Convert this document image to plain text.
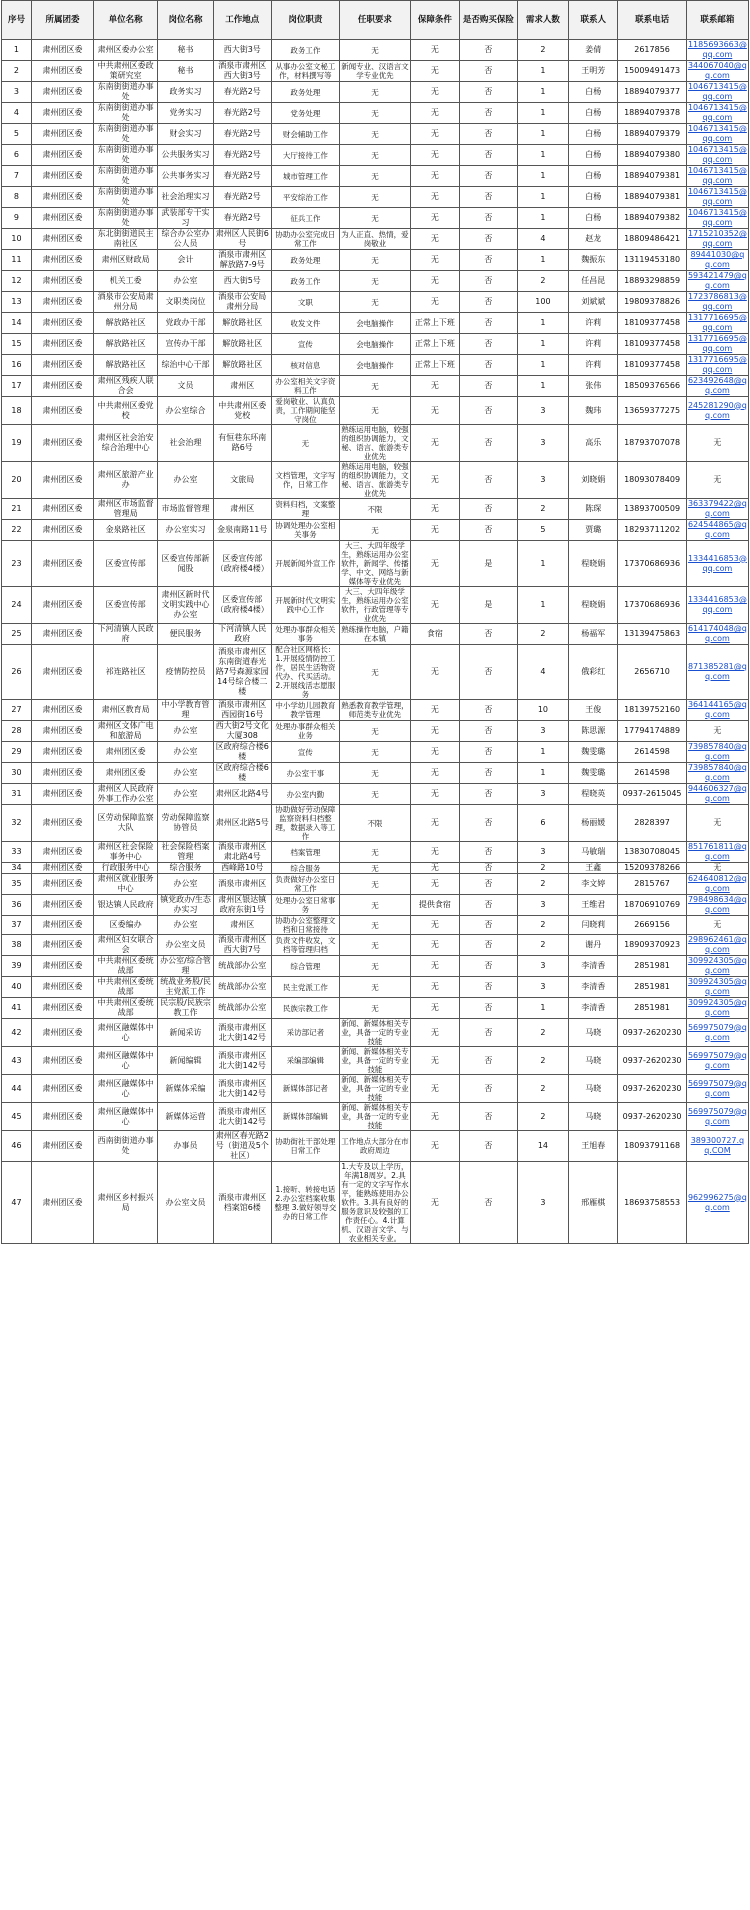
序号	所属团委	单位名称	岗位名称	工作地点	岗位职责	任职要求	保障条件	是否购买保险	需求人数	联系人	联系电话	联系邮箱
1	肃州团区委	肃州区委办公室	秘书	西大街3号	政务工作	无	无	否	2	姜倩	2617856	1185693663@qq.com
2	肃州团区委	中共肃州区委政策研究室	秘书	酒泉市肃州区西大街3号	从事办公室文秘工作，材料撰写等	新闻专业、汉语言文学专业优先	无	否	1	王明芳	15009491473	344067040@qq.com
3	肃州团区委	东南街街道办事处	政务实习	春光路2号	政务处理	无	无	否	1	白杨	18894079377	1046713415@qq.com
4	肃州团区委	东南街街道办事处	党务实习	春光路2号	党务处理	无	无	否	1	白杨	18894079378	1046713415@qq.com
5	肃州团区委	东南街街道办事处	财会实习	春光路2号	财会辅助工作	无	无	否	1	白杨	18894079379	1046713415@qq.com
6	肃州团区委	东南街街道办事处	公共服务实习	春光路2号	大厅接待工作	无	无	否	1	白杨	18894079380	1046713415@qq.com
7	肃州团区委	东南街街道办事处	公共事务实习	春光路2号	城市管理工作	无	无	否	1	白杨	18894079381	1046713415@qq.com
8	肃州团区委	东南街街道办事处	社会治理实习	春光路2号	平安综治工作	无	无	否	1	白杨	18894079381	1046713415@qq.com
9	肃州团区委	东南街街道办事处	武装部专干实习	春光路2号	征兵工作	无	无	否	1	白杨	18894079382	1046713415@qq.com
10	肃州团区委	东北街街道民主南社区	综合办公室办公人员	肃州区人民街6号	协助办公室完成日常工作	为人正直、热情，爱岗敬业	无	否	4	赵龙	18809486421	1715210352@qq.com
11	肃州团区委	肃州区财政局	会计	酒泉市肃州区解放路7-9号	政务处理	无	无	否	1	魏振东	13119453180	89441030@qq.com
12	肃州团区委	机关工委	办公室	西大街5号	政务工作	无	无	否	2	任昌昆	18893298859	593421479@qq.com
13	肃州团区委	酒泉市公安局肃州分局	文职类岗位	酒泉市公安局肃州分局	文职	无	无	否	100	刘斌斌	19809378826	1723786813@qq.com
14	肃州团区委	解放路社区	党政办干部	解放路社区	收发文件	会电脑操作	正常上下班	否	1	许莉	18109377458	1317716695@qq.com
15	肃州团区委	解放路社区	宣传办干部	解放路社区	宣传	会电脑操作	正常上下班	否	1	许莉	18109377458	1317716695@qq.com
16	肃州团区委	解放路社区	综治中心干部	解放路社区	核对信息	会电脑操作	正常上下班	否	1	许莉	18109377458	1317716695@qq.com
17	肃州团区委	肃州区残疾人联合会	文员	肃州区	办公室相关文字资料工作	无	无	否	1	张伟	18509376566	623492648@qq.com
18	肃州团区委	中共肃州区委党校	办公室综合	中共肃州区委党校	爱岗敬业、认真负责，工作期间能坚守岗位	无	无	否	3	魏玮	13659377275	245281290@qq.com
19	肃州团区委	肃州区社会治安综合治理中心	社会治理	有恒巷东环南路6号	无	熟练运用电脑，较强的组织协调能力，文秘、语言、旅游类专业优先	无	否	3	高乐	18793707078	无
20	肃州团区委	肃州区旅游产业办	办公室	文旅局	文档管理，文字写作，日常工作	熟练运用电脑，较强的组织协调能力，文秘、语言、旅游类专业优先	无	否	3	刘晓娟	18093078409	无
21	肃州团区委	肃州区市场监督管理局	市场监督管理	肃州区	资料归档，文案整理	不限	无	否	2	陈琛	13893700509	363379422@qq.com
22	肃州团区委	金泉路社区	办公室实习	金泉南路11号	协调处理办公室相关事务	无	无	否	5	贾璐	18293711202	624544865@qq.com
23	肃州团区委	区委宣传部	区委宣传部新闻股	区委宣传部（政府楼4楼）	开展新闻外宣工作	大三、大四年级学生，熟练运用办公室软件，新闻学、传播学、中文、网络与新媒体等专业优先	无	是	1	程晓娟	17370686936	1334416853@qq.com
24	肃州团区委	区委宣传部	肃州区新时代文明实践中心办公室	区委宣传部（政府楼4楼）	开展新时代文明实践中心工作	大三、大四年级学生，熟练运用办公室软件，行政管理等专业优先	无	是	1	程晓娟	17370686936	1334416853@qq.com
25	肃州团区委	下河清镇人民政府	便民服务	下河清镇人民政府	处理办事群众相关事务	熟练操作电脑，户籍在本镇	食宿	否	2	杨福军	13139475863	614174048@qq.com
26	肃州团区委	祁连路社区	疫情防控员	酒泉市肃州区东南街道春光路7号森源家园14号综合楼二楼	配合社区网格长：1.开展疫情防控工作，居民生活物资代办、代买活动。2.开展线活志愿服务	无	无	否	4	俄彩红	2656710	871385281@qq.com
27	肃州团区委	肃州区教育局	中小学教育管理	酒泉市肃州区西园街16号	中小学幼儿园教育教学管理	熟悉教育教学管理，师范类专业优先	无	否	10	王俊	18139752160	364144165@qq.com
28	肃州团区委	肃州区文体广电和旅游局	办公室	西大街2号文化大厦308	处理办事群众相关业务	无	无	否	3	陈思源	17794174889	无
29	肃州团区委	肃州团区委	办公室	区政府综合楼6楼	宣传	无	无	否	1	魏雯璐	2614598	739857840@qq.com
30	肃州团区委	肃州团区委	办公室	区政府综合楼6楼	办公室干事	无	无	否	1	魏雯璐	2614598	739857840@qq.com
31	肃州团区委	肃州区人民政府外事工作办公室	办公室	肃州区北路4号	办公室内勤	无	无	否	3	程晓英	0937-2615045	944606327@qq.com
32	肃州团区委	区劳动保障监察大队	劳动保障监察协管员	肃州区北路5号	协助做好劳动保障监察资料归档整理，数据录入等工作	不限	无	否	6	杨丽媛	2828397	无
33	肃州团区委	肃州区社会保险事务中心	社会保险档案管理	酒泉市肃州区肃北路4号	档案管理	无	无	否	3	马敏瑞	13830708045	851761811@qq.com
34	肃州团区委	行政服务中心	综合服务	西峰路10号	综合服务	无	无	否	2	王鑫	15209378266	无
35	肃州团区委	肃州区就业服务中心	办公室	酒泉市肃州区	负责做好办公室日常工作	无	无	否	2	李文婷	2815767	624640812@qq.com
36	肃州团区委	银达镇人民政府	镇党政办/生态办实习	肃州区银达镇政府东街1号	处理办公室日常事务	无	提供食宿	否	3	王维君	18706910769	798498634@qq.com
37	肃州团区委	区委编办	办公室	肃州区	协助办公室整理文档和日常接待	无	无	否	2	闫晓莉	2669156	无
38	肃州团区委	肃州区妇女联合会	办公室文员	酒泉市肃州区西大街7号	负责文件收发，文档等管理归档	无	无	否	2	谢丹	18909370923	298962461@qq.com
39	肃州团区委	中共肃州区委统战部	办公室/综合管理	统战部办公室	综合管理	无	无	否	3	李清香	2851981	309924305@qq.com
40	肃州团区委	中共肃州区委统战部	统战业务股/民主党派工作	统战部办公室	民主党派工作	无	无	否	3	李清香	2851981	309924305@qq.com
41	肃州团区委	中共肃州区委统战部	民宗股/民族宗教工作	统战部办公室	民族宗教工作	无	无	否	1	李清香	2851981	309924305@qq.com
42	肃州团区委	肃州区融媒体中心	新闻采访	酒泉市肃州区北大街142号	采访部记者	新闻、新媒体相关专业，具备一定的专业技能	无	否	2	马晓	0937-2620230	569975079@qq.com
43	肃州团区委	肃州区融媒体中心	新闻编辑	酒泉市肃州区北大街142号	采编部编辑	新闻、新媒体相关专业，具备一定的专业技能	无	否	2	马晓	0937-2620230	569975079@qq.com
44	肃州团区委	肃州区融媒体中心	新媒体采编	酒泉市肃州区北大街142号	新媒体部记者	新闻、新媒体相关专业，具备一定的专业技能	无	否	2	马晓	0937-2620230	569975079@qq.com
45	肃州团区委	肃州区融媒体中心	新媒体运营	酒泉市肃州区北大街142号	新媒体部编辑	新闻、新媒体相关专业，具备一定的专业技能	无	否	2	马晓	0937-2620230	569975079@qq.com
46	肃州团区委	西南街街道办事处	办事员	肃州区春光路2号（街道及5个社区）	协助街社干部处理日常工作	工作地点大部分在市政府周边	无	否	14	王旭春	18093791168	389300727.qq.COM
47	肃州团区委	肃州区乡村振兴局	办公室文员	酒泉市肃州区档案馆6楼	1.接听、转接电话 2.办公室档案收集整理 3.做好领导交办的日常工作	1.大专及以上学历，年满18周岁。2.具有一定的文字写作水平，能熟练使用办公软件。3.具有良好的服务意识及较强的工作责任心。4.计算机、汉语言文学、与农业相关专业。	无	否	3	邢雁棋	18693758553	962996275@qq.com
